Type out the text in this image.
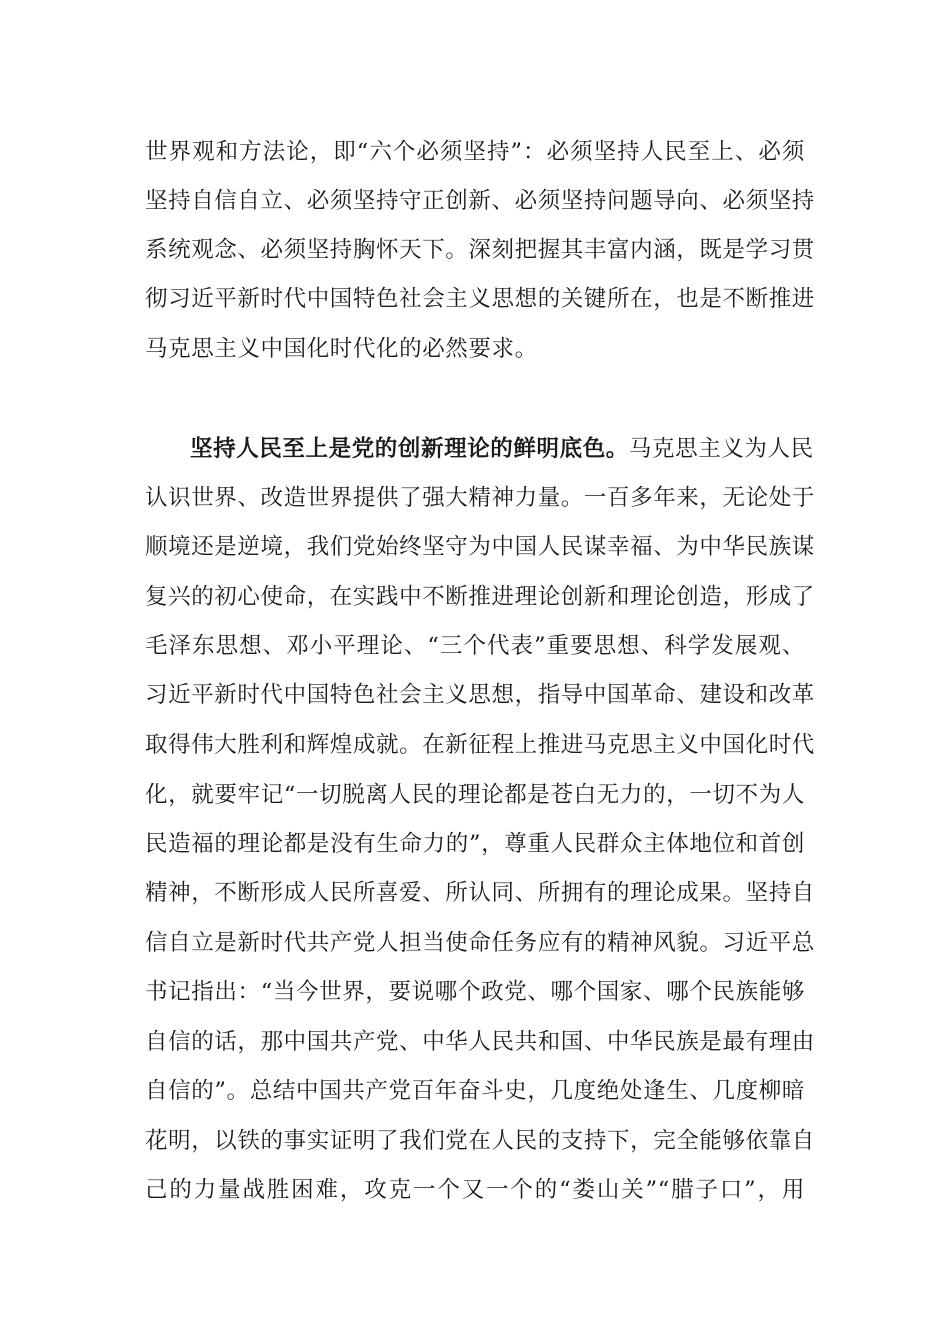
世界观和方法论，即“六个必须坚持”：必须坚持人民至上、必须
坚持自信自立、必须坚持守正创新、必须坚持问题导向、必须坚持
系统观念、必须坚持胸怀天下。深刻把握其丰富内涵，既是学习贯
彻习近平新时代中国特色社会主义思想的关键所在，也是不断推进
马克思主义中国化时代化的必然要求。
坚持人民至上是党的创新理论的鲜明底色。马克思主义为人民
认识世界、改造世界提供了强大精神力量。一百多年来，无论处于
顺境还是逆境，我们党始终坚守为中国人民谋幸福、为中华民族谋
复兴的初心使命，在实践中不断推进理论创新和理论创造，形成了
毛泽东思想、邓小平理论、“三个代表”重要思想、科学发展观、
习近平新时代中国特色社会主义思想，指导中国革命、建设和改革
取得伟大胜利和辉煌成就。在新征程上推进马克思主义中国化时代
化，就要牢记“一切脱离人民的理论都是苍白无力的，一切不为人
民造福的理论都是没有生命力的”，尊重人民群众主体地位和首创
精神，不断形成人民所喜爱、所认同、所拥有的理论成果。坚持自
信自立是新时代共产党人担当使命任务应有的精神风貌。习近平总
书记指出：“当今世界，要说哪个政党、哪个国家、哪个民族能够
自信的话，那中国共产党、中华人民共和国、中华民族是最有理由
自信的”。总结中国共产党百年奋斗史，几度绝处逢生、几度柳暗
花明，以铁的事实证明了我们党在人民的支持下，完全能够依靠自
己的力量战胜困难，攻克一个又一个的“娄山关”“腊子口”，用
